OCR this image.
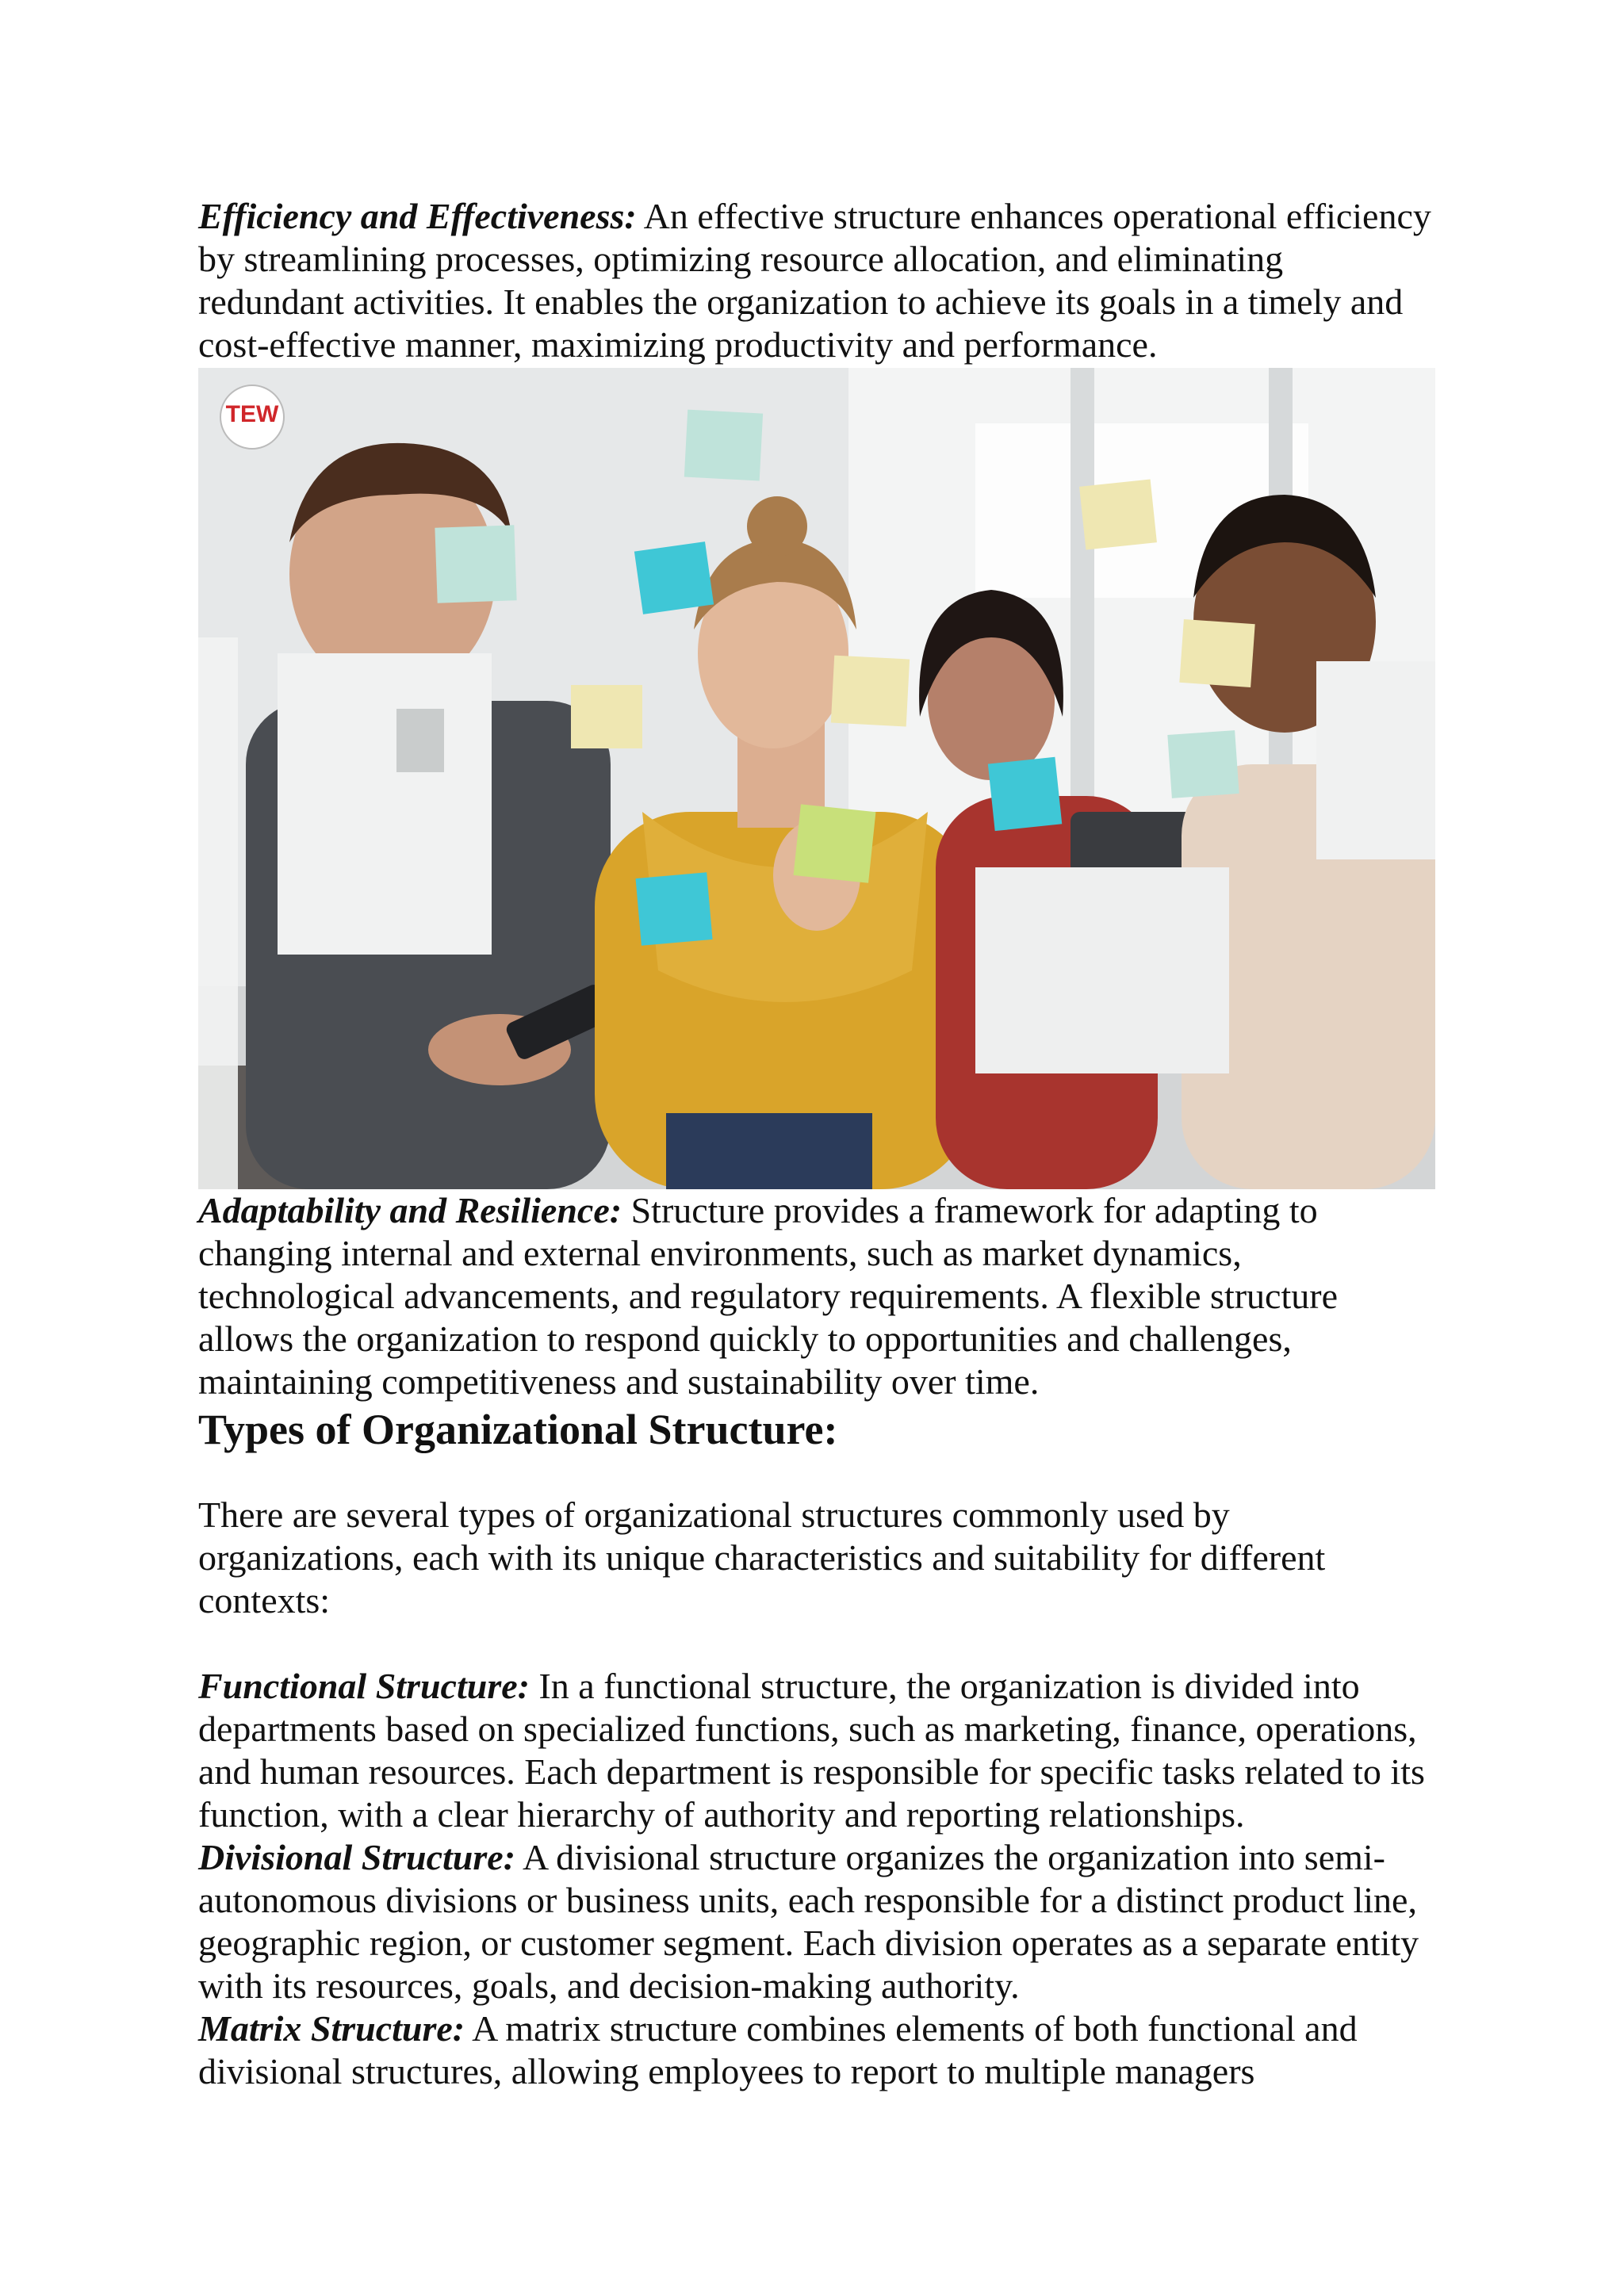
Efficiency and Effectiveness: An effective structure enhances operational efficiency by streamlining processes, optimizing resource allocation, and eliminating redundant activities. It enables the organization to achieve its goals in a timely and cost-effective manner, maximizing productivity and performance.

TEW

Adaptability and Resilience: Structure provides a framework for adapting to changing internal and external environments, such as market dynamics, technological advancements, and regulatory requirements. A flexible structure allows the organization to respond quickly to opportunities and challenges, maintaining competitiveness and sustainability over time.

Types of Organizational Structure:

There are several types of organizational structures commonly used by organizations, each with its unique characteristics and suitability for different contexts:

Functional Structure: In a functional structure, the organization is divided into departments based on specialized functions, such as marketing, finance, operations, and human resources. Each department is responsible for specific tasks related to its function, with a clear hierarchy of authority and reporting relationships.

Divisional Structure: A divisional structure organizes the organization into semi-autonomous divisions or business units, each responsible for a distinct product line, geographic region, or customer segment. Each division operates as a separate entity with its resources, goals, and decision-making authority.

Matrix Structure: A matrix structure combines elements of both functional and divisional structures, allowing employees to report to multiple managers
